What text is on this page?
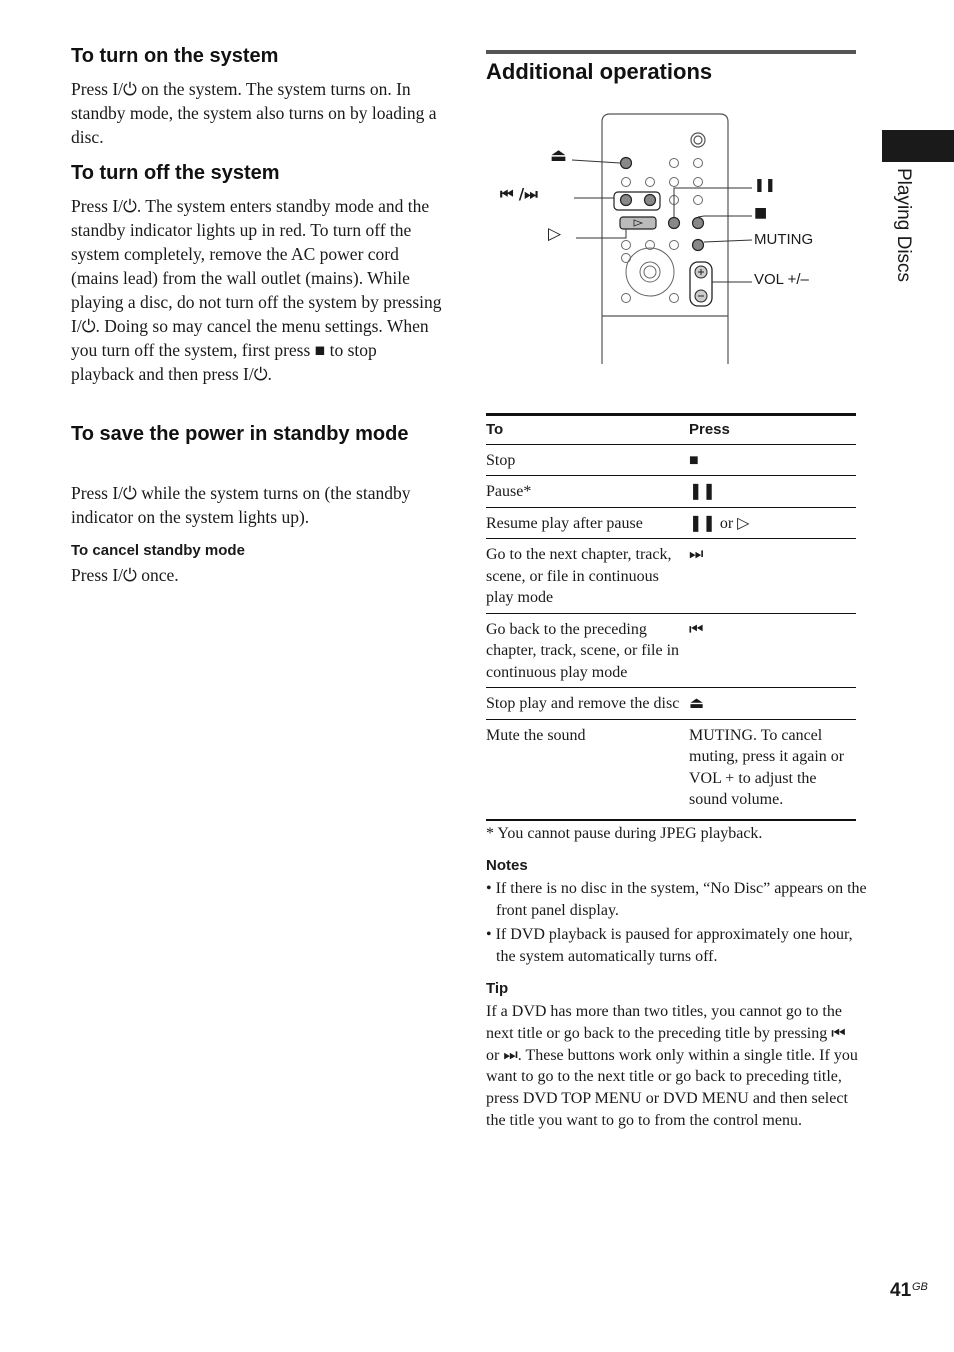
To turn on the system

Press I/⏻ on the system. The system turns on. In standby mode, the system also turns on by loading a disc.

To turn off the system

Press I/⏻. The system enters standby mode and the standby indicator lights up in red. To turn off the system completely, remove the AC power cord (mains lead) from the wall outlet (mains). While playing a disc, do not turn off the system by pressing I/⏻. Doing so may cancel the menu settings. When you turn off the system, first press ■ to stop playback and then press I/⏻.

To save the power in standby mode

Press I/⏻ while the system turns on (the standby indicator on the system lights up).

To cancel standby mode

Press I/⏻ once.

Additional operations
⏏
⏮ /⏭
▷
❚❚
■
MUTING
VOL +/–
To	Press
Stop	■
Pause*	❚❚
Resume play after pause	❚❚ or ▷
Go to the next chapter, track, scene, or file in continuous play mode	⏭
Go back to the preceding chapter, track, scene, or file in continuous play mode	⏮
Stop play and remove the disc	⏏
Mute the sound	MUTING. To cancel muting, press it again or VOL + to adjust the sound volume.

* You cannot pause during JPEG playback.

Notes

• If there is no disc in the system, “No Disc” appears on the front panel display.

• If DVD playback is paused for approximately one hour, the system automatically turns off.

Tip

If a DVD has more than two titles, you cannot go to the next title or go back to the preceding title by pressing ⏮ or ⏭. These buttons work only within a single title. If you want to go to the next title or go back to preceding title, press DVD TOP MENU or DVD MENU and then select the title you want to go to from the control menu.

Playing Discs
41 GB
